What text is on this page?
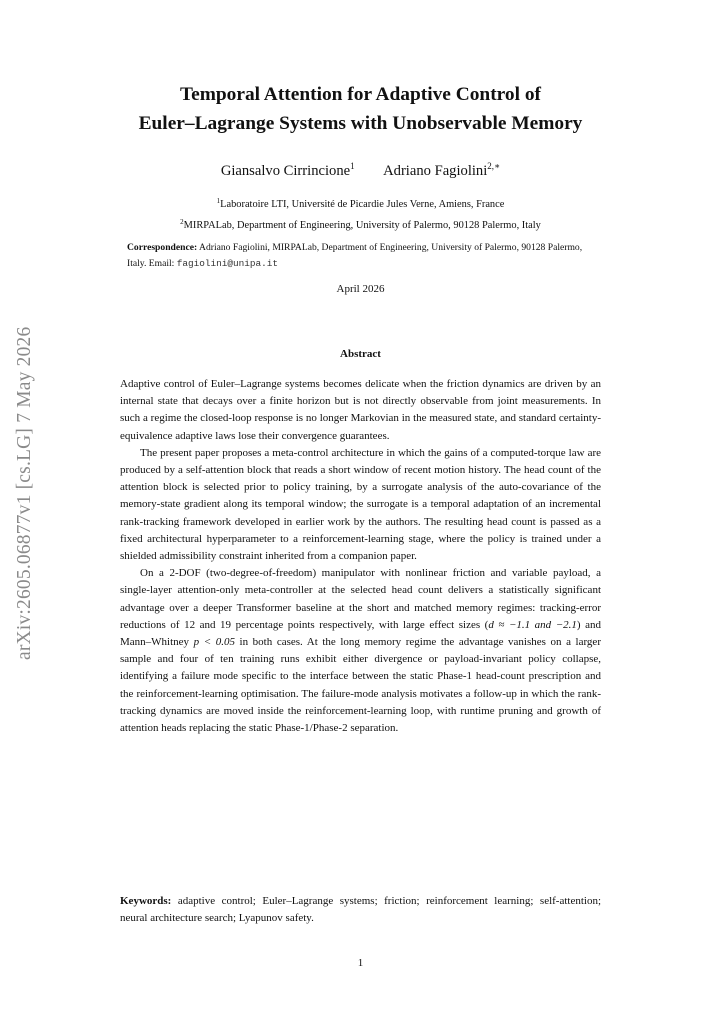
arXiv:2605.06877v1 [cs.LG] 7 May 2026
Temporal Attention for Adaptive Control of
Euler–Lagrange Systems with Unobservable Memory
Giansalvo Cirrincione$^1$ Adriano Fagiolini$^{2,∗}$
$^1$Laboratoire LTI, Université de Picardie Jules Verne, Amiens, France
$^2$MIRPALab, Department of Engineering, University of Palermo, 90128 Palermo, Italy
Correspondence: Adriano Fagiolini, MIRPALab, Department of Engineering, University of Palermo, 90128 Palermo, Italy. Email: fagiolini@unipa.it
April 2026
Abstract

Adaptive control of Euler–Lagrange systems becomes delicate when the friction dynamics are driven by an internal state that decays over a finite horizon but is not directly observable from joint measurements. In such a regime the closed-loop response is no longer Markovian in the measured state, and standard certainty-equivalence adaptive laws lose their convergence guarantees.

The present paper proposes a meta-control architecture in which the gains of a computed-torque law are produced by a self-attention block that reads a short window of recent motion history. The head count of the attention block is selected prior to policy training, by a surrogate analysis of the auto-covariance of the memory-state gradient along its temporal window; the surrogate is a temporal adaptation of an incremental rank-tracking framework developed in earlier work by the authors. The resulting head count is passed as a fixed architectural hyperparameter to a reinforcement-learning stage, where the policy is trained under a shielded admissibility constraint inherited from a companion paper.

On a 2-DOF (two-degree-of-freedom) manipulator with nonlinear friction and variable payload, a single-layer attention-only meta-controller at the selected head count delivers a statistically significant advantage over a deeper Transformer baseline at the short and matched memory regimes: tracking-error reductions of 12 and 19 percentage points respectively, with large effect sizes (d ≈ −1.1 and −2.1) and Mann–Whitney p < 0.05 in both cases. At the long memory regime the advantage vanishes on a larger sample and four of ten training runs exhibit either divergence or payload-invariant policy collapse, identifying a failure mode specific to the interface between the static Phase-1 head-count prescription and the reinforcement-learning optimisation. The failure-mode analysis motivates a follow-up in which the rank-tracking dynamics are moved inside the reinforcement-learning loop, with runtime pruning and growth of attention heads replacing the static Phase-1/Phase-2 separation.

Keywords: adaptive control; Euler–Lagrange systems; friction; reinforcement learning; self-attention; neural architecture search; Lyapunov safety.
1
